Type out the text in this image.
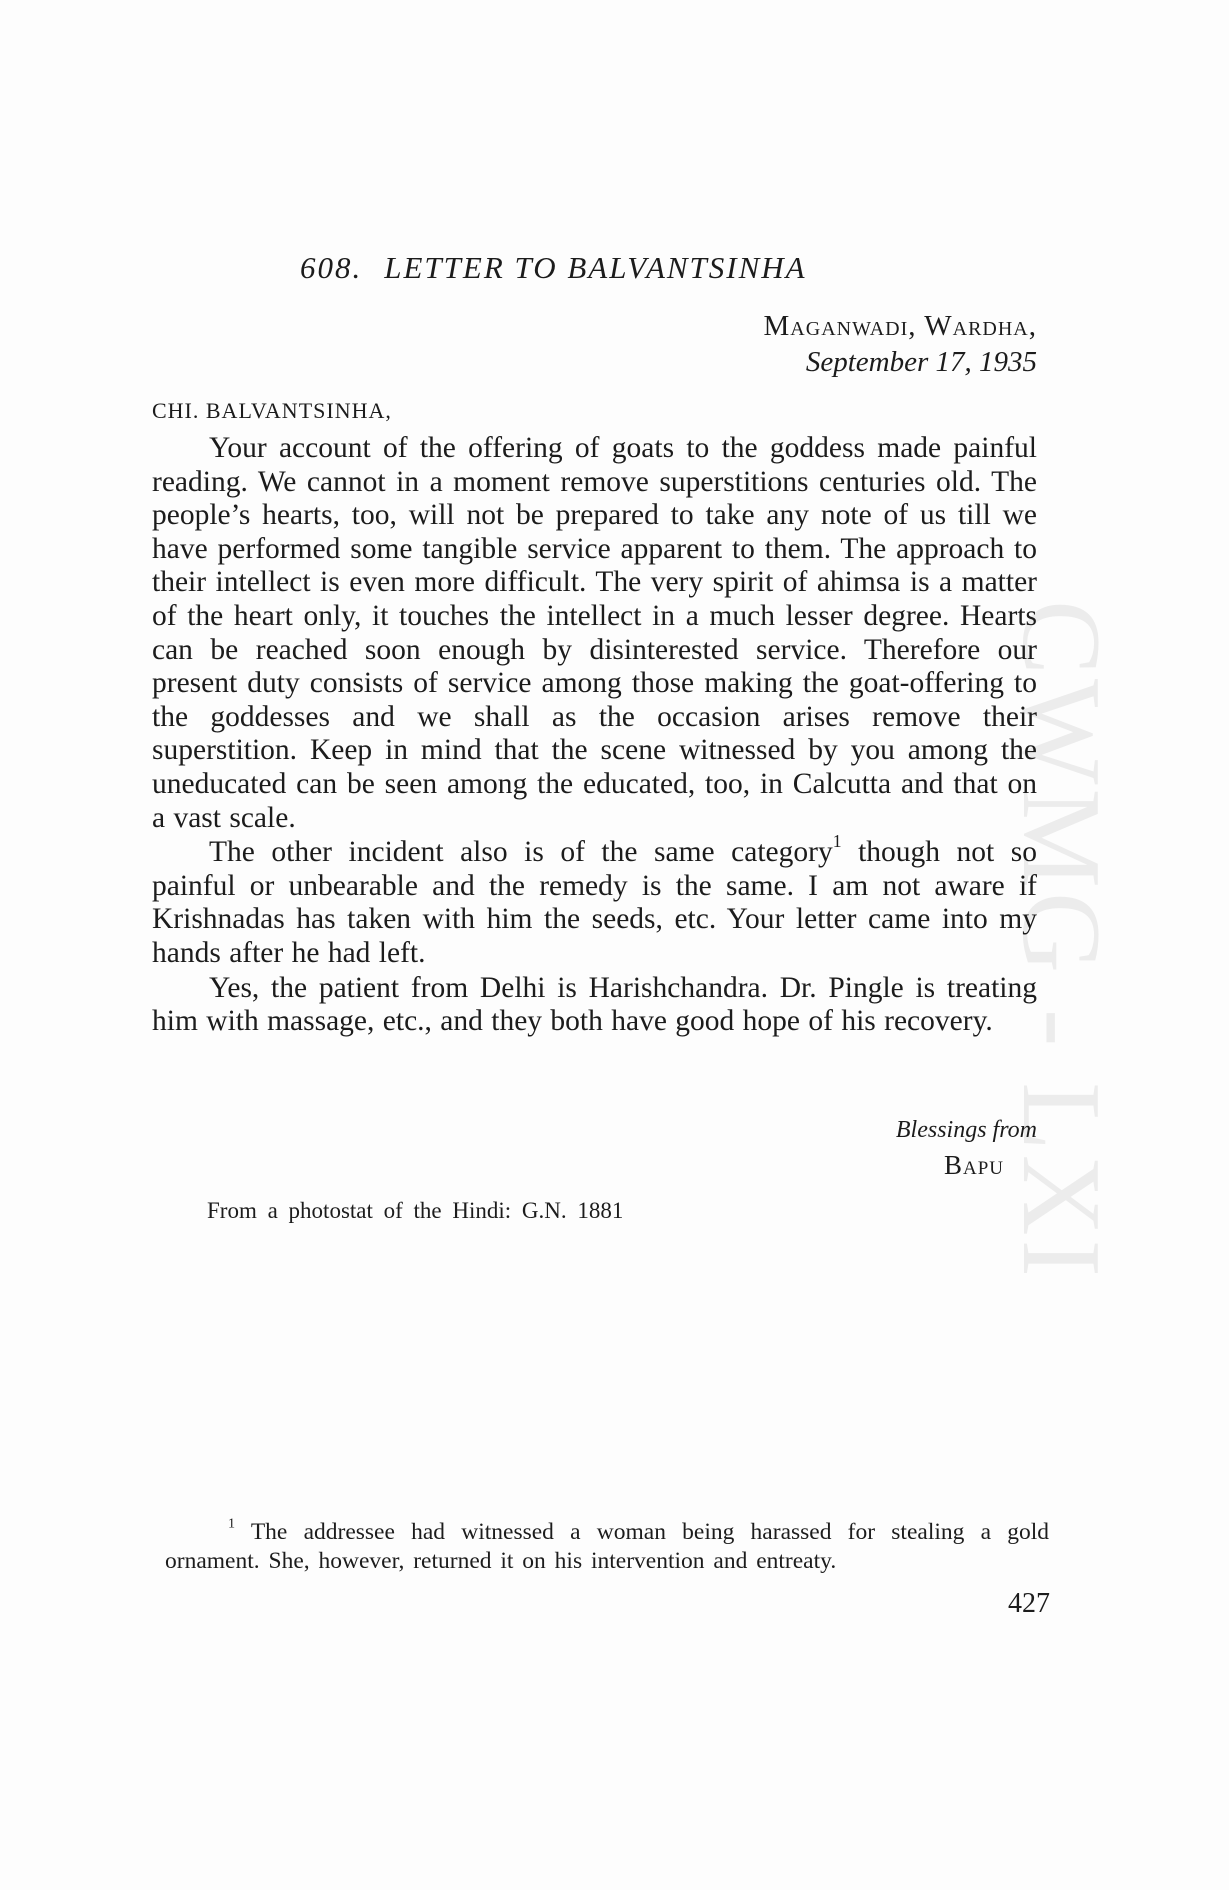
CWMG - LXI
608. LETTER TO BALVANTSINHA
Maganwadi, Wardha,
September 17, 1935
CHI. BALVANTSINHA,

Your account of the offering of goats to the goddess made painful reading. We cannot in a moment remove superstitions centuries old. The people’s hearts, too, will not be prepared to take any note of us till we have performed some tangible service apparent to them. The approach to their intellect is even more difficult. The very spirit of ahimsa is a matter of the heart only, it touches the intellect in a much lesser degree. Hearts can be reached soon enough by disinterested service. Therefore our present duty consists of service among those making the goat-offering to the goddesses and we shall as the occasion arises remove their superstition. Keep in mind that the scene witnessed by you among the uneducated can be seen among the educated, too, in Calcutta and that on a vast scale.

The other incident also is of the same category$^1$ though not so painful or unbearable and the remedy is the same. I am not aware if Krishnadas has taken with him the seeds, etc. Your letter came into my hands after he had left.

Yes, the patient from Delhi is Harishchandra. Dr. Pingle is treating him with massage, etc., and they both have good hope of his recovery.

Blessings from
Bapu
From a photostat of the Hindi: G.N. 1881

$^1$ The addressee had witnessed a woman being harassed for stealing a gold ornament. She, however, returned it on his intervention and entreaty.

427
